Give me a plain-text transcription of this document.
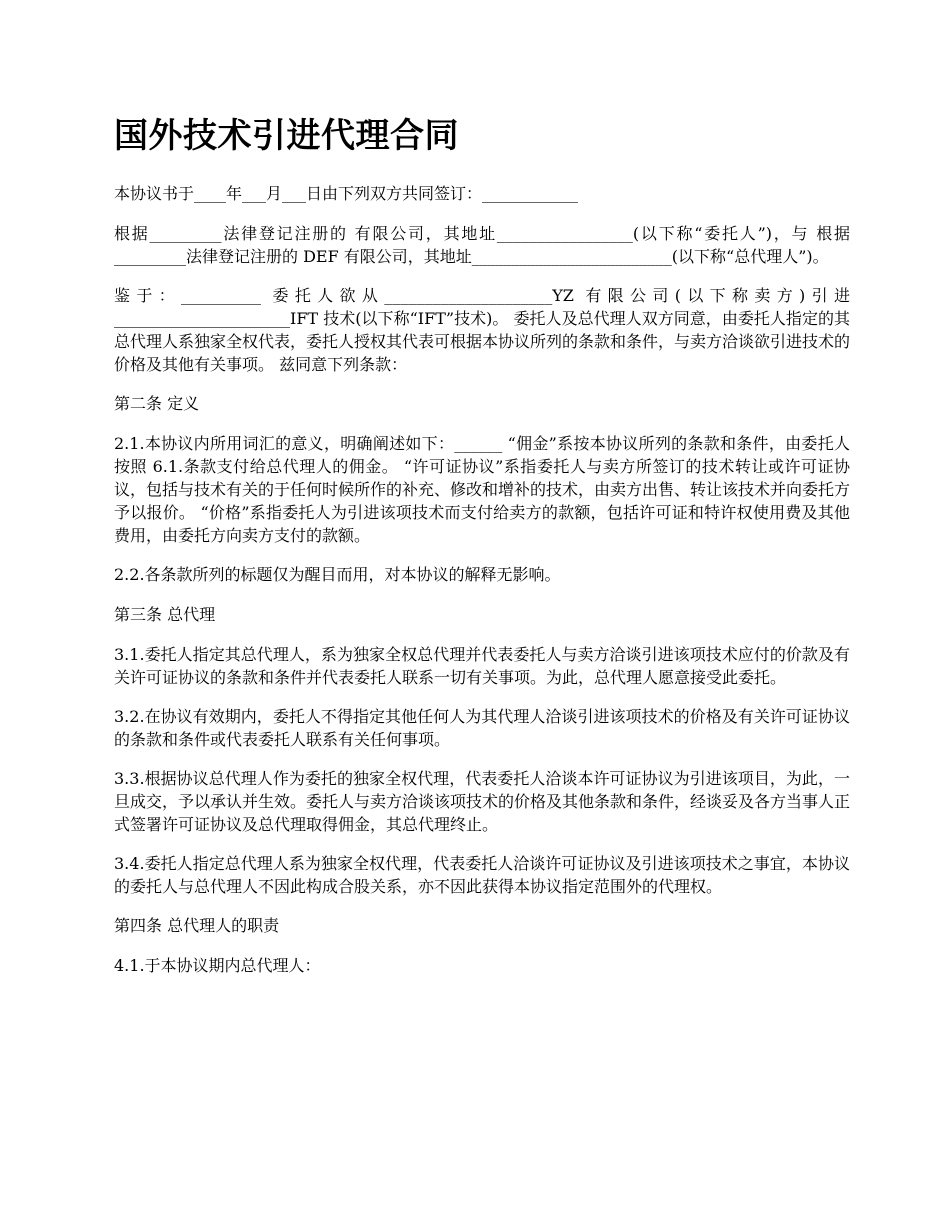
国外技术引进代理合同

本协议书于____年___月___日由下列双方共同签订：____________

根据_________法律登记注册的 有限公司，其地址_________________(以下称“委托人”)，与 根据_________法律登记注册的 DEF 有限公司，其地址_________________________(以下称“总代理人”)。

鉴于：__________ 委托人欲从_____________________YZ 有限公司(以下称卖方)引进______________________IFT 技术(以下称“IFT”技术)。 委托人及总代理人双方同意，由委托人指定的其总代理人系独家全权代表，委托人授权其代表可根据本协议所列的条款和条件，与卖方洽谈欲引进技术的价格及其他有关事项。 兹同意下列条款：

第二条 定义

2.1.本协议内所用词汇的意义，明确阐述如下：______ “佣金”系按本协议所列的条款和条件，由委托人按照 6.1.条款支付给总代理人的佣金。 “许可证协议”系指委托人与卖方所签订的技术转让或许可证协议，包括与技术有关的于任何时候所作的补充、修改和增补的技术，由卖方出售、转让该技术并向委托方予以报价。 “价格”系指委托人为引进该项技术而支付给卖方的款额，包括许可证和特许权使用费及其他费用，由委托方向卖方支付的款额。

2.2.各条款所列的标题仅为醒目而用，对本协议的解释无影响。

第三条 总代理

3.1.委托人指定其总代理人，系为独家全权总代理并代表委托人与卖方洽谈引进该项技术应付的价款及有关许可证协议的条款和条件并代表委托人联系一切有关事项。为此，总代理人愿意接受此委托。

3.2.在协议有效期内，委托人不得指定其他任何人为其代理人洽谈引进该项技术的价格及有关许可证协议的条款和条件或代表委托人联系有关任何事项。

3.3.根据协议总代理人作为委托的独家全权代理，代表委托人洽谈本许可证协议为引进该项目，为此，一旦成交，予以承认并生效。委托人与卖方洽谈该项技术的价格及其他条款和条件，经谈妥及各方当事人正式签署许可证协议及总代理取得佣金，其总代理终止。

3.4.委托人指定总代理人系为独家全权代理，代表委托人洽谈许可证协议及引进该项技术之事宜，本协议的委托人与总代理人不因此构成合股关系，亦不因此获得本协议指定范围外的代理权。

第四条 总代理人的职责

4.1.于本协议期内总代理人：
